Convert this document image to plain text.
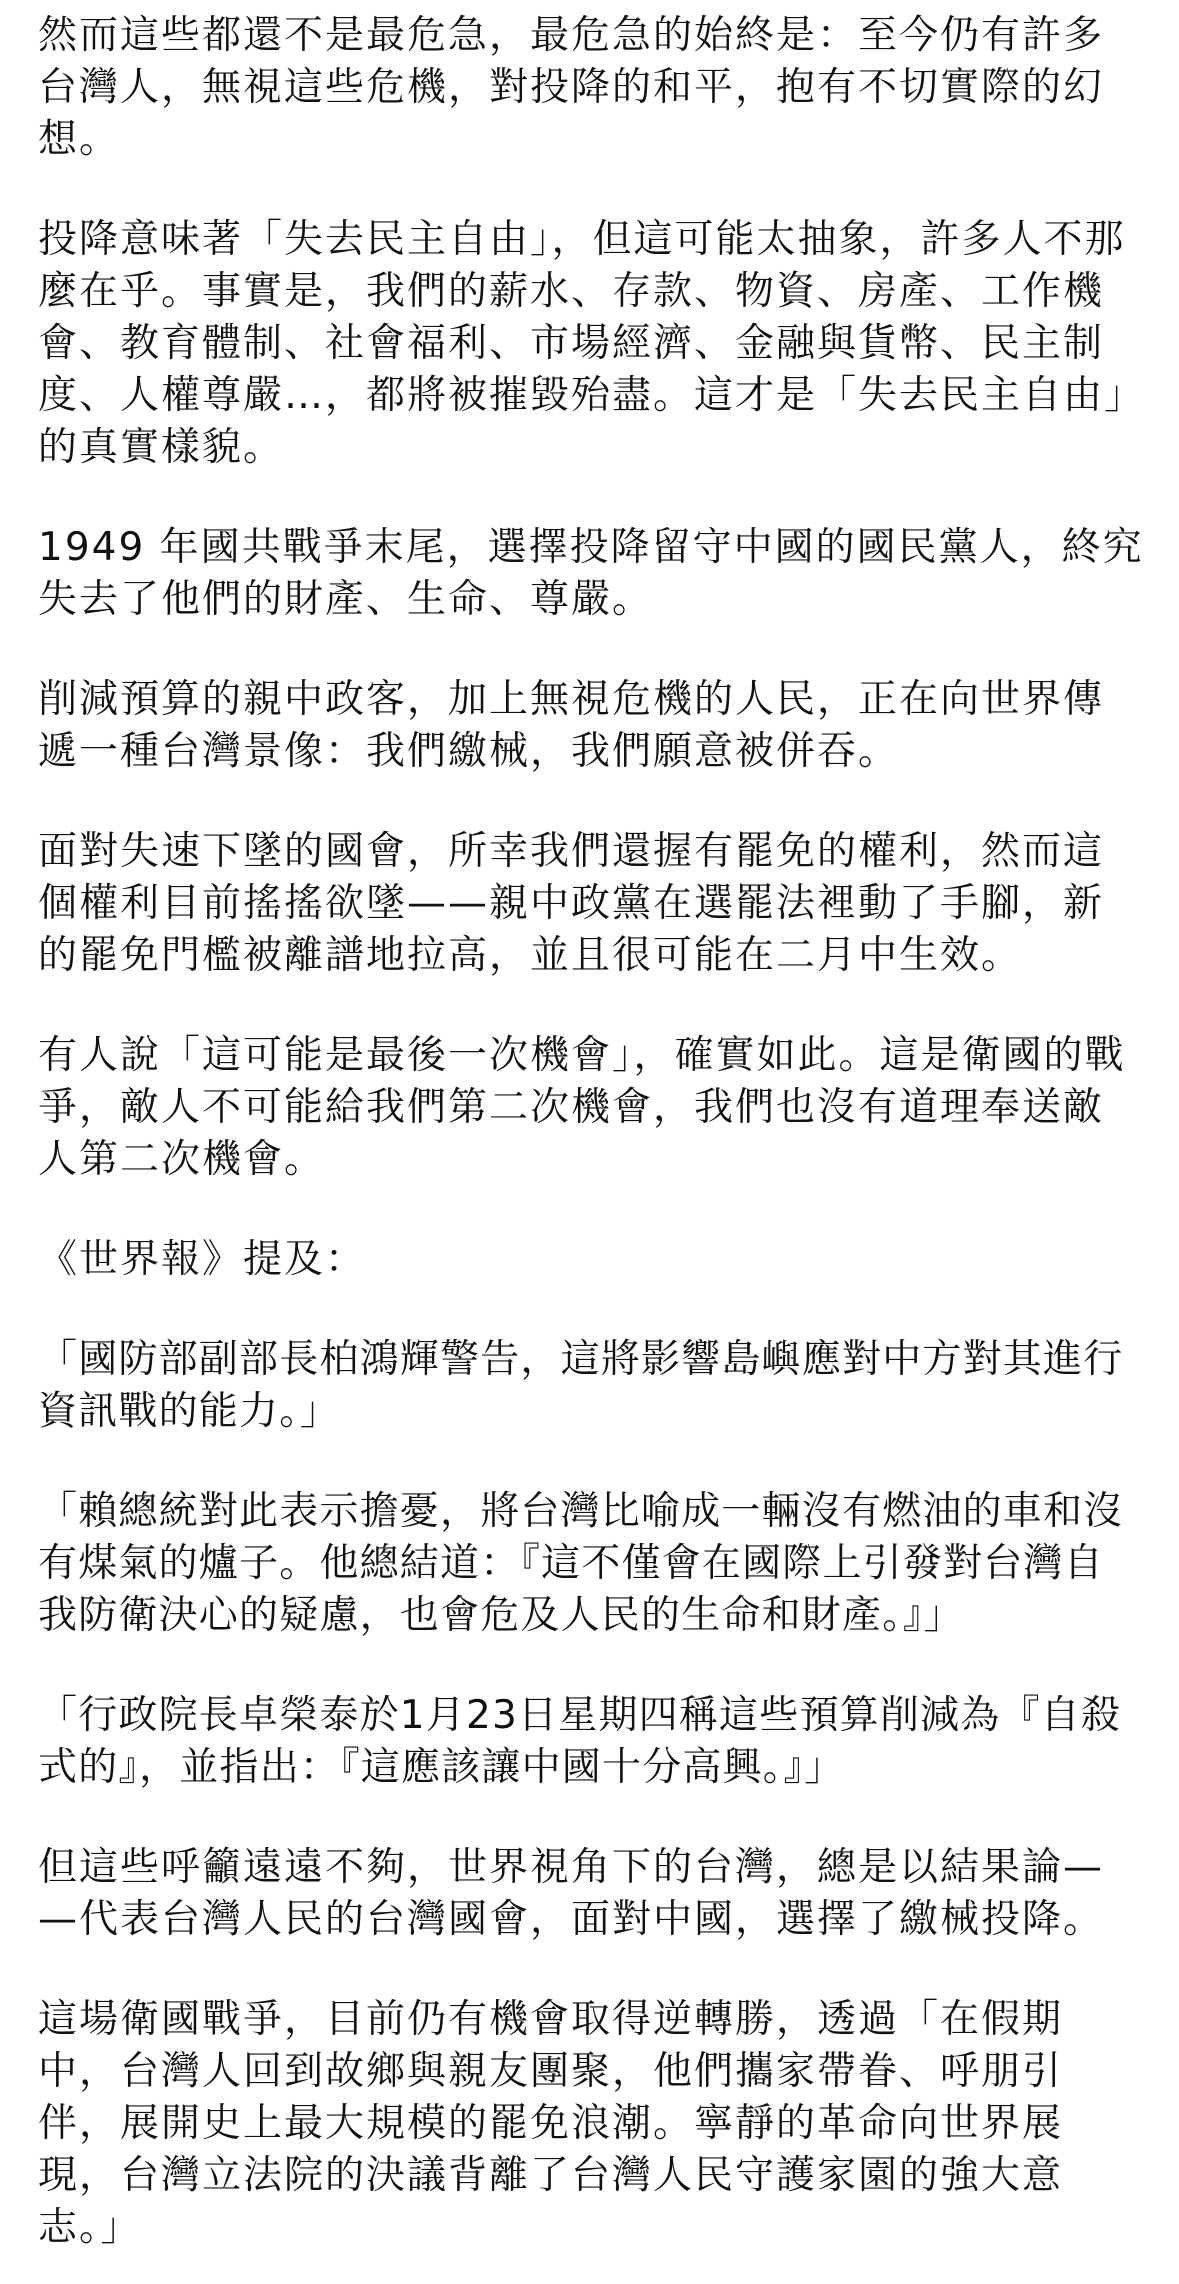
然而這些都還不是最危急，最危急的始終是：至今仍有許多
台灣人，無視這些危機，對投降的和平，抱有不切實際的幻
想。

投降意味著「失去民主自由」，但這可能太抽象，許多人不那
麼在乎。事實是，我們的薪水、存款、物資、房產、工作機
會、教育體制、社會福利、市場經濟、金融與貨幣、民主制
度、人權尊嚴…，都將被摧毀殆盡。這才是「失去民主自由」
的真實樣貌。

1949 年國共戰爭末尾，選擇投降留守中國的國民黨人，終究
失去了他們的財產、生命、尊嚴。

削減預算的親中政客，加上無視危機的人民，正在向世界傳
遞一種台灣景像：我們繳械，我們願意被併吞。

面對失速下墜的國會，所幸我們還握有罷免的權利，然而這
個權利目前搖搖欲墜——親中政黨在選罷法裡動了手腳，新
的罷免門檻被離譜地拉高，並且很可能在二月中生效。

有人說「這可能是最後一次機會」，確實如此。這是衛國的戰
爭，敵人不可能給我們第二次機會，我們也沒有道理奉送敵
人第二次機會。

《世界報》提及：

「國防部副部長柏鴻輝警告，這將影響島嶼應對中方對其進行
資訊戰的能力。」

「賴總統對此表示擔憂，將台灣比喻成一輛沒有燃油的車和沒
有煤氣的爐子。他總結道：『這不僅會在國際上引發對台灣自
我防衛決心的疑慮，也會危及人民的生命和財產。』」

「行政院長卓榮泰於1月23日星期四稱這些預算削減為『自殺
式的』，並指出：『這應該讓中國十分高興。』」

但這些呼籲遠遠不夠，世界視角下的台灣，總是以結果論—
—代表台灣人民的台灣國會，面對中國，選擇了繳械投降。

這場衛國戰爭，目前仍有機會取得逆轉勝，透過「在假期
中，台灣人回到故鄉與親友團聚，他們攜家帶眷、呼朋引
伴，展開史上最大規模的罷免浪潮。寧靜的革命向世界展
現，台灣立法院的決議背離了台灣人民守護家園的強大意
志。」
